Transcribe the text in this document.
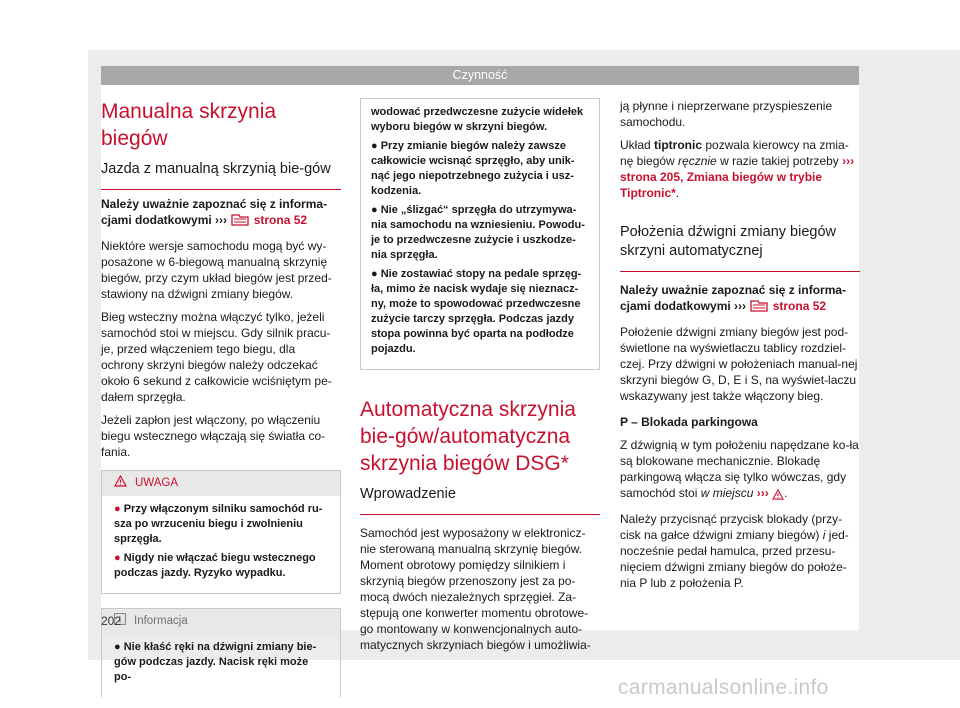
Czynność
Manualna skrzynia biegów
Jazda z manualną skrzynią bie-gów

Należy uważnie zapoznać się z informa-cjami dodatkowymi ››› strona 52

Niektóre wersje samochodu mogą być wy-posażone w 6-biegową manualną skrzynię biegów, przy czym układ biegów jest przed-stawiony na dźwigni zmiany biegów.

Bieg wsteczny można włączyć tylko, jeżeli samochód stoi w miejscu. Gdy silnik pracu-je, przed włączeniem tego biegu, dla ochrony skrzyni biegów należy odczekać około 6 sekund z całkowicie wciśniętym pe-dałem sprzęgła.

Jeżeli zapłon jest włączony, po włączeniu biegu wstecznego włączają się światła co-fania.

UWAGA

● Przy włączonym silniku samochód ru-sza po wrzuceniu biegu i zwolnieniu sprzęgła.

● Nigdy nie włączać biegu wstecznego podczas jazdy. Ryzyko wypadku.

Informacja

● Nie kłaść ręki na dźwigni zmiany bie-gów podczas jazdy. Nacisk ręki może po-

wodować przedwczesne zużycie widełek wyboru biegów w skrzyni biegów.

● Przy zmianie biegów należy zawsze całkowicie wcisnąć sprzęgło, aby unik-nąć jego niepotrzebnego zużycia i usz-kodzenia.

● Nie „ślizgać“ sprzęgła do utrzymywa-nia samochodu na wzniesieniu. Powodu-je to przedwczesne zużycie i uszkodze-nia sprzęgła.

● Nie zostawiać stopy na pedale sprzęg-ła, mimo że nacisk wydaje się nieznacz-ny, może to spowodować przedwczesne zużycie tarczy sprzęgła. Podczas jazdy stopa powinna być oparta na podłodze pojazdu.

Automatyczna skrzynia bie-gów/automatyczna skrzynia biegów DSG*
Wprowadzenie

Samochód jest wyposażony w elektronicz-nie sterowaną manualną skrzynię biegów. Moment obrotowy pomiędzy silnikiem i skrzynią biegów przenoszony jest za po-mocą dwóch niezależnych sprzęgieł. Za-stępują one konwerter momentu obrotowe-go montowany w konwencjonalnych auto-matycznych skrzyniach biegów i umożliwia-

ją płynne i nieprzerwane przyspieszenie samochodu.

Układ tiptronic pozwala kierowcy na zmia-nę biegów ręcznie w razie takiej potrzeby ››› strona 205, Zmiana biegów w trybie Tiptronic*.

Położenia dźwigni zmiany biegów skrzyni automatycznej

Należy uważnie zapoznać się z informa-cjami dodatkowymi ››› strona 52

Położenie dźwigni zmiany biegów jest pod-świetlone na wyświetlaczu tablicy rozdziel-czej. Przy dźwigni w położeniach manual-nej skrzyni biegów G, D, E i S, na wyświet-laczu wskazywany jest także włączony bieg.

P – Blokada parkingowa

Z dźwignią w tym położeniu napędzane ko-ła są blokowane mechanicznie. Blokadę parkingową włącza się tylko wówczas, gdy samochód stoi w miejscu ››› .

Należy przycisnąć przycisk blokady (przy-cisk na gałce dźwigni zmiany biegów) i jed-nocześnie pedał hamulca, przed przesu-nięciem dźwigni zmiany biegów do położe-nia P lub z położenia P.

202
carmanualsonline.info
